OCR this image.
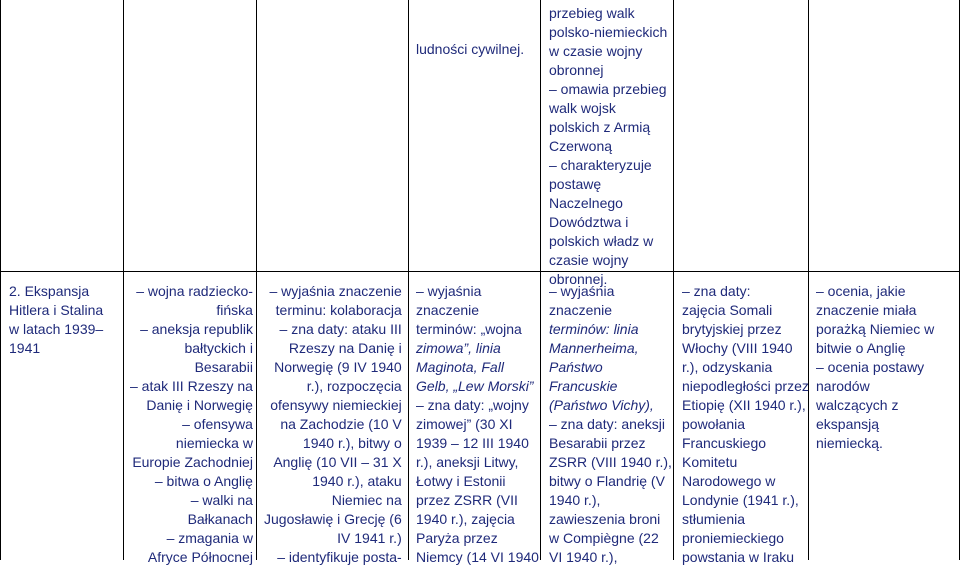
ludności cywilnej.

przebieg walk
polsko-niemieckich
w czasie wojny
obronnej
– omawia przebieg
walk wojsk
polskich z Armią
Czerwoną
– charakteryzuje
postawę
Naczelnego
Dowództwa i
polskich władz w
czasie wojny
obronnej.
2. Ekspansja
Hitlera i Stalina
w latach 1939–
1941
– wojna radziecko-
fińska
– aneksja republik
bałtyckich i
Besarabii
– atak III Rzeszy na
Danię i Norwegię
– ofensywa
niemiecka w
Europie Zachodniej
– bitwa o Anglię
– walki na
Bałkanach
– zmagania w
Afryce Północnej
– wyjaśnia znaczenie
terminu: kolaboracja
– zna daty: ataku III
Rzeszy na Danię i
Norwegię (9 IV 1940
r.), rozpoczęcia
ofensywy niemieckiej
na Zachodzie (10 V
1940 r.), bitwy o
Anglię (10 VII – 31 X
1940 r.), ataku
Niemiec na
Jugosławię i Grecję (6
IV 1941 r.)
– identyfikuje posta-
– wyjaśnia
znaczenie
terminów: „wojna
zimowa”, linia
Maginota, Fall
Gelb, „Lew Morski”
– zna daty: „wojny
zimowej” (30 XI
1939 – 12 III 1940
r.), aneksji Litwy,
Łotwy i Estonii
przez ZSRR (VII
1940 r.), zajęcia
Paryża przez
Niemcy (14 VI 1940
– wyjaśnia
znaczenie
terminów: linia
Mannerheima,
Państwo
Francuskie
(Państwo Vichy),
– zna daty: aneksji
Besarabii przez
ZSRR (VIII 1940 r.),
bitwy o Flandrię (V
1940 r.),
zawieszenia broni
w Compiègne (22
VI 1940 r.),
– zna daty:
zajęcia Somali
brytyjskiej przez
Włochy (VIII 1940
r.), odzyskania
niepodległości przez
Etiopię (XII 1940 r.),
powołania
Francuskiego
Komitetu
Narodowego w
Londynie (1941 r.),
stłumienia
proniemieckiego
powstania w Iraku
– ocenia, jakie
znaczenie miała
porażką Niemiec w
bitwie o Anglię
– ocenia postawy
narodów
walczących z
ekspansją
niemiecką.
